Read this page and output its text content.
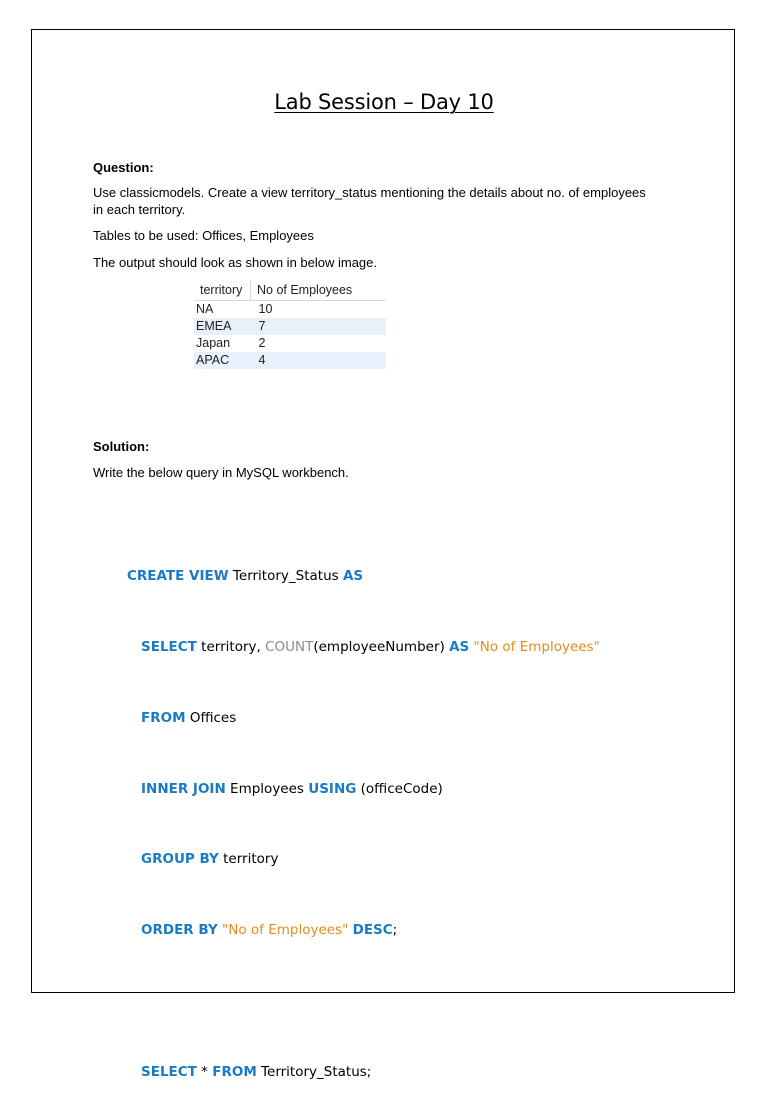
Lab Session – Day 10
Question:
Use classicmodels. Create a view territory_status mentioning the details about no. of employees in each territory.
Tables to be used: Offices, Employees
The output should look as shown in below image.
territory	No of Employees
NA	10
EMEA	7
Japan	2
APAC	4
Solution:
Write the below query in MySQL workbench.

CREATE VIEW Territory_Status AS

SELECT territory, COUNT(employeeNumber) AS "No of Employees"

FROM Offices

INNER JOIN Employees USING (officeCode)

GROUP BY territory

ORDER BY "No of Employees" DESC;

SELECT * FROM Territory_Status;
